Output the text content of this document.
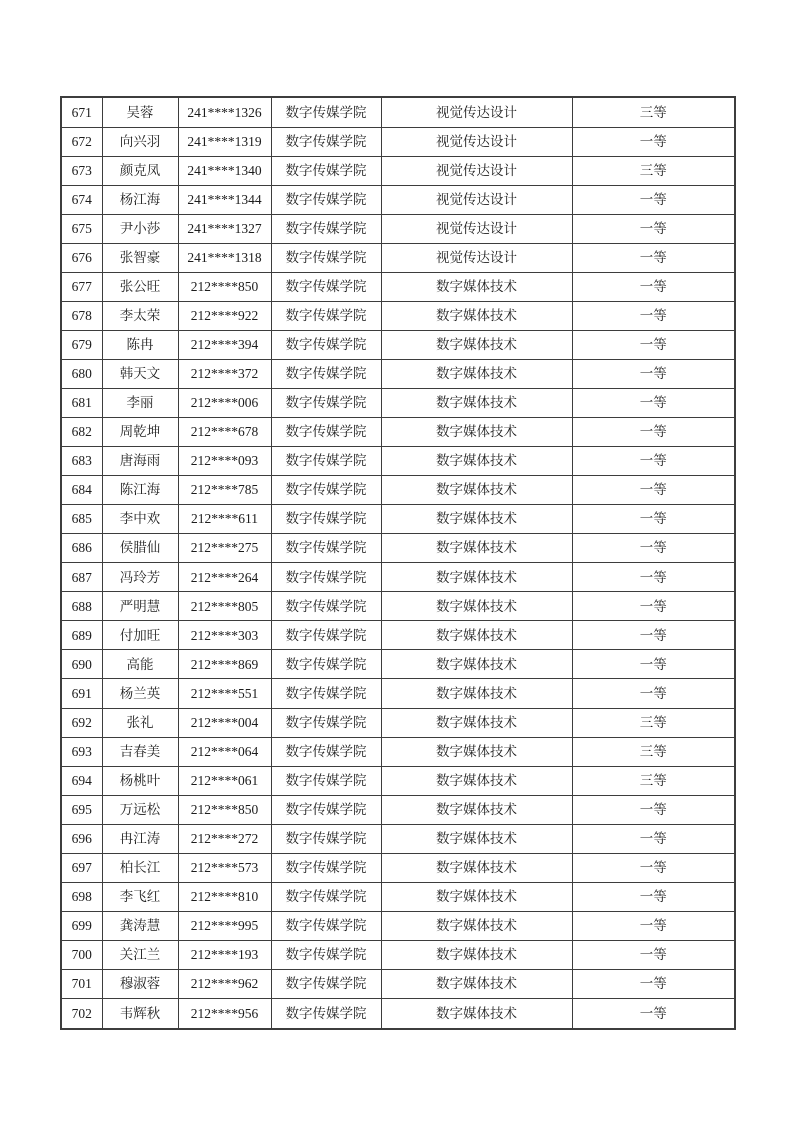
671	吴蓉	241****1326	数字传媒学院	视觉传达设计	三等
672	向兴羽	241****1319	数字传媒学院	视觉传达设计	一等
673	颜克凤	241****1340	数字传媒学院	视觉传达设计	三等
674	杨江海	241****1344	数字传媒学院	视觉传达设计	一等
675	尹小莎	241****1327	数字传媒学院	视觉传达设计	一等
676	张智豪	241****1318	数字传媒学院	视觉传达设计	一等
677	张公旺	212****850	数字传媒学院	数字媒体技术	一等
678	李太荣	212****922	数字传媒学院	数字媒体技术	一等
679	陈冉	212****394	数字传媒学院	数字媒体技术	一等
680	韩天文	212****372	数字传媒学院	数字媒体技术	一等
681	李丽	212****006	数字传媒学院	数字媒体技术	一等
682	周乾坤	212****678	数字传媒学院	数字媒体技术	一等
683	唐海雨	212****093	数字传媒学院	数字媒体技术	一等
684	陈江海	212****785	数字传媒学院	数字媒体技术	一等
685	李中欢	212****611	数字传媒学院	数字媒体技术	一等
686	侯腊仙	212****275	数字传媒学院	数字媒体技术	一等
687	冯玲芳	212****264	数字传媒学院	数字媒体技术	一等
688	严明慧	212****805	数字传媒学院	数字媒体技术	一等
689	付加旺	212****303	数字传媒学院	数字媒体技术	一等
690	高能	212****869	数字传媒学院	数字媒体技术	一等
691	杨兰英	212****551	数字传媒学院	数字媒体技术	一等
692	张礼	212****004	数字传媒学院	数字媒体技术	三等
693	吉春美	212****064	数字传媒学院	数字媒体技术	三等
694	杨桃叶	212****061	数字传媒学院	数字媒体技术	三等
695	万远松	212****850	数字传媒学院	数字媒体技术	一等
696	冉江涛	212****272	数字传媒学院	数字媒体技术	一等
697	柏长江	212****573	数字传媒学院	数字媒体技术	一等
698	李飞红	212****810	数字传媒学院	数字媒体技术	一等
699	龚涛慧	212****995	数字传媒学院	数字媒体技术	一等
700	关江兰	212****193	数字传媒学院	数字媒体技术	一等
701	穆淑蓉	212****962	数字传媒学院	数字媒体技术	一等
702	韦辉秋	212****956	数字传媒学院	数字媒体技术	一等
